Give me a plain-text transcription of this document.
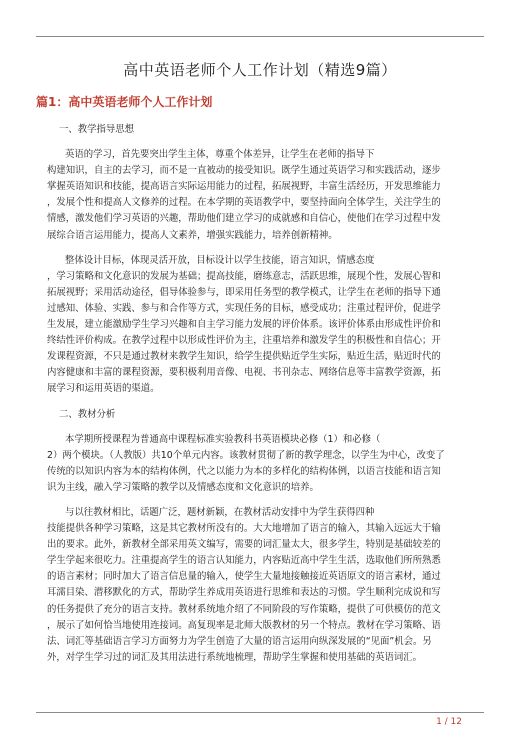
高中英语老师个人工作计划（精选9篇）
篇1：高中英语老师个人工作计划
一、教学指导思想
英语的学习，首先要突出学生主体，尊重个体差异，让学生在老师的指导下
构建知识，自主的去学习，而不是一直被动的接受知识。既学生通过英语学习和实践活动，逐步
掌握英语知识和技能，提高语言实际运用能力的过程，拓展视野，丰富生活经历，开发思维能力
，发展个性和提高人文修养的过程。在本学期的英语教学中，要坚持面向全体学生，关注学生的
情感，激发他们学习英语的兴趣，帮助他们建立学习的成就感和自信心，使他们在学习过程中发
展综合语言运用能力，提高人文素养，增强实践能力，培养创新精神。
整体设计目标，体现灵活开放，目标设计以学生技能，语言知识，情感态度
，学习策略和文化意识的发展为基础；提高技能，磨练意志，活跃思维，展现个性，发展心智和
拓展视野；采用活动途径，倡导体验参与，即采用任务型的教学模式，让学生在老师的指导下通
过感知、体验、实践、参与和合作等方式，实现任务的目标，感受成功；注重过程评价，促进学
生发展，建立能激励学生学习兴趣和自主学习能力发展的评价体系。该评价体系由形成性评价和
终结性评价构成。在教学过程中以形成性评价为主，注重培养和激发学生的积极性和自信心；开
发课程资源，不只是通过教材来教学生知识，给学生提供贴近学生实际，贴近生活，贴近时代的
内容健康和丰富的课程资源，要积极利用音像、电视、书刊杂志、网络信息等丰富教学资源，拓
展学习和运用英语的渠道。
二、教材分析
本学期所授课程为普通高中课程标准实验教科书英语模块必修（1）和必修（
2）两个模块。（人教版）共10个单元内容。该教材贯彻了新的教学理念，以学生为中心，改变了
传统的以知识内容为本的结构体例，代之以能力为本的多样化的结构体例，以语言技能和语言知
识为主线，融入学习策略的教学以及情感态度和文化意识的培养。
与以往教材相比，话题广泛，题材新颖，在教材活动安排中为学生获得四种
技能提供各种学习策略，这是其它教材所没有的。大大地增加了语言的输入，其输入远远大于输
出的要求。此外，新教材全部采用英文编写，需要的词汇量太大，很多学生，特别是基础较差的
学生学起来很吃力。注重提高学生的语言认知能力，内容贴近高中学生生活，选取他们所所熟悉
的语言素材；同时加大了语言信息量的输入，使学生大量地接触接近英语原文的语言素材，通过
耳濡目染、潜移默化的方式，帮助学生养成用英语进行思维和表达的习惯。学生顺利完成说和写
的任务提供了充分的语言支持。教材系统地介绍了不同阶段的写作策略，提供了可供模仿的范文
，展示了如何恰当地使用连接词。高复现率是北师大版教材的另一个特点。教材在学习策略、语
法、词汇等基础语言学习方面努力为学生创造了大量的语言运用向纵深发展的“见面”机会。另
外，对学生学习过的词汇及其用法进行系统地梳理，帮助学生掌握和使用基础的英语词汇。
1 / 12
